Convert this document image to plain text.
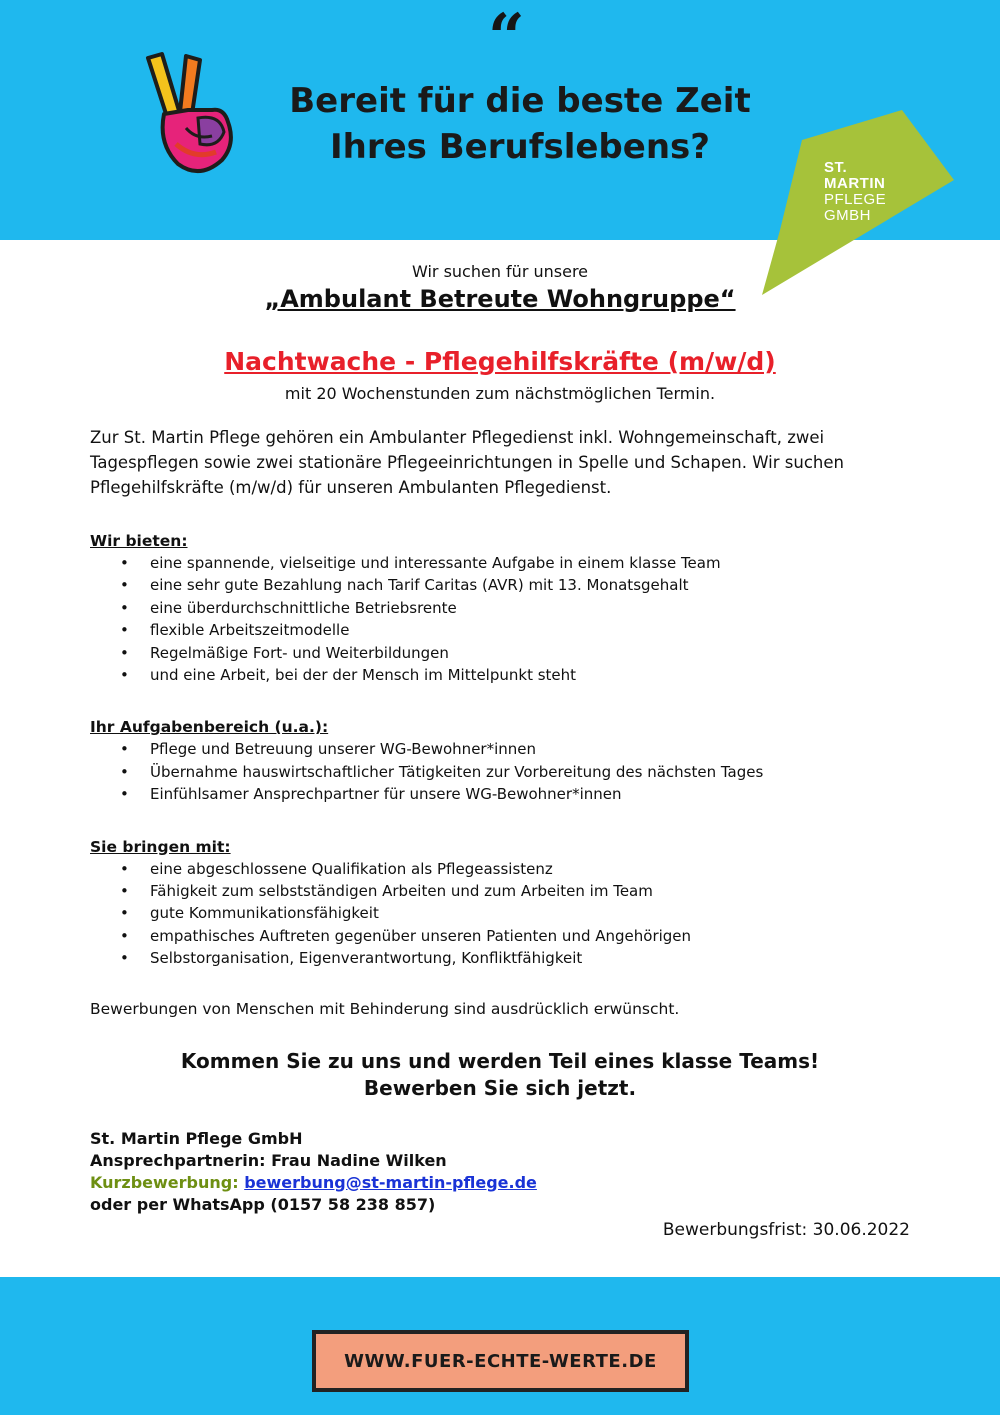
“
Bereit für die beste Zeit
Ihres Berufslebens?
ST.
MARTIN
PFLEGE
GMBH
Wir suchen für unsere
„Ambulant Betreute Wohngruppe“
Nachtwache - Pflegehilfskräfte (m/w/d)
mit 20 Wochenstunden zum nächstmöglichen Termin.
Zur St. Martin Pflege gehören ein Ambulanter Pflegedienst inkl. Wohngemeinschaft, zwei Tagespflegen sowie zwei stationäre Pflegeeinrichtungen in Spelle und Schapen. Wir suchen Pflegehilfskräfte (m/w/d) für unseren Ambulanten Pflegedienst.
Wir bieten:
• eine spannende, vielseitige und interessante Aufgabe in einem klasse Team
• eine sehr gute Bezahlung nach Tarif Caritas (AVR) mit 13. Monatsgehalt
• eine überdurchschnittliche Betriebsrente
• flexible Arbeitszeitmodelle
• Regelmäßige Fort- und Weiterbildungen
• und eine Arbeit, bei der der Mensch im Mittelpunkt steht
Ihr Aufgabenbereich (u.a.):
• Pflege und Betreuung unserer WG-Bewohner*innen
• Übernahme hauswirtschaftlicher Tätigkeiten zur Vorbereitung des nächsten Tages
• Einfühlsamer Ansprechpartner für unsere WG-Bewohner*innen
Sie bringen mit:
• eine abgeschlossene Qualifikation als Pflegeassistenz
• Fähigkeit zum selbstständigen Arbeiten und zum Arbeiten im Team
• gute Kommunikationsfähigkeit
• empathisches Auftreten gegenüber unseren Patienten und Angehörigen
• Selbstorganisation, Eigenverantwortung, Konfliktfähigkeit
Bewerbungen von Menschen mit Behinderung sind ausdrücklich erwünscht.
Kommen Sie zu uns und werden Teil eines klasse Teams!
Bewerben Sie sich jetzt.
St. Martin Pflege GmbH
Ansprechpartnerin: Frau Nadine Wilken
Kurzbewerbung: bewerbung@st-martin-pflege.de
oder per WhatsApp (0157 58 238 857)
Bewerbungsfrist: 30.06.2022
WWW.FUER-ECHTE-WERTE.DE
